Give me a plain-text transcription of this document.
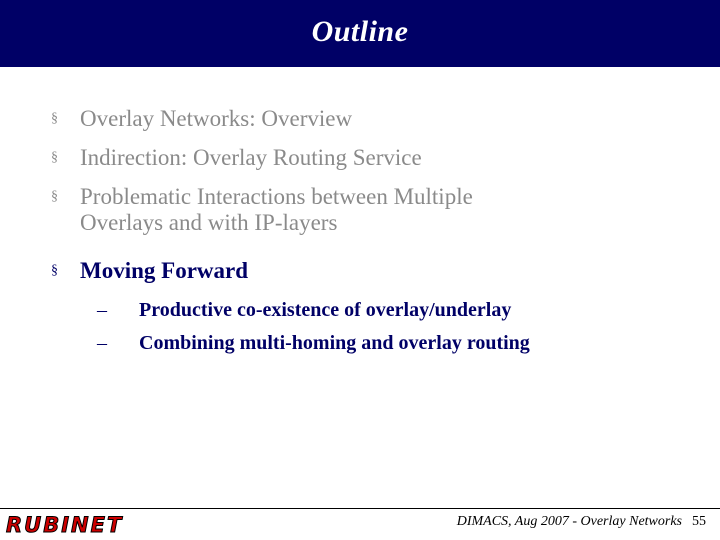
Outline
§ Overlay Networks: Overview
§ Indirection: Overlay Routing Service
§ Problematic Interactions between Multiple
Overlays and with IP-layers
§ Moving Forward
– Productive co-existence of overlay/underlay
– Combining multi-homing and overlay routing
RUBINET	DIMACS, Aug 2007 - Overlay Networks 55
